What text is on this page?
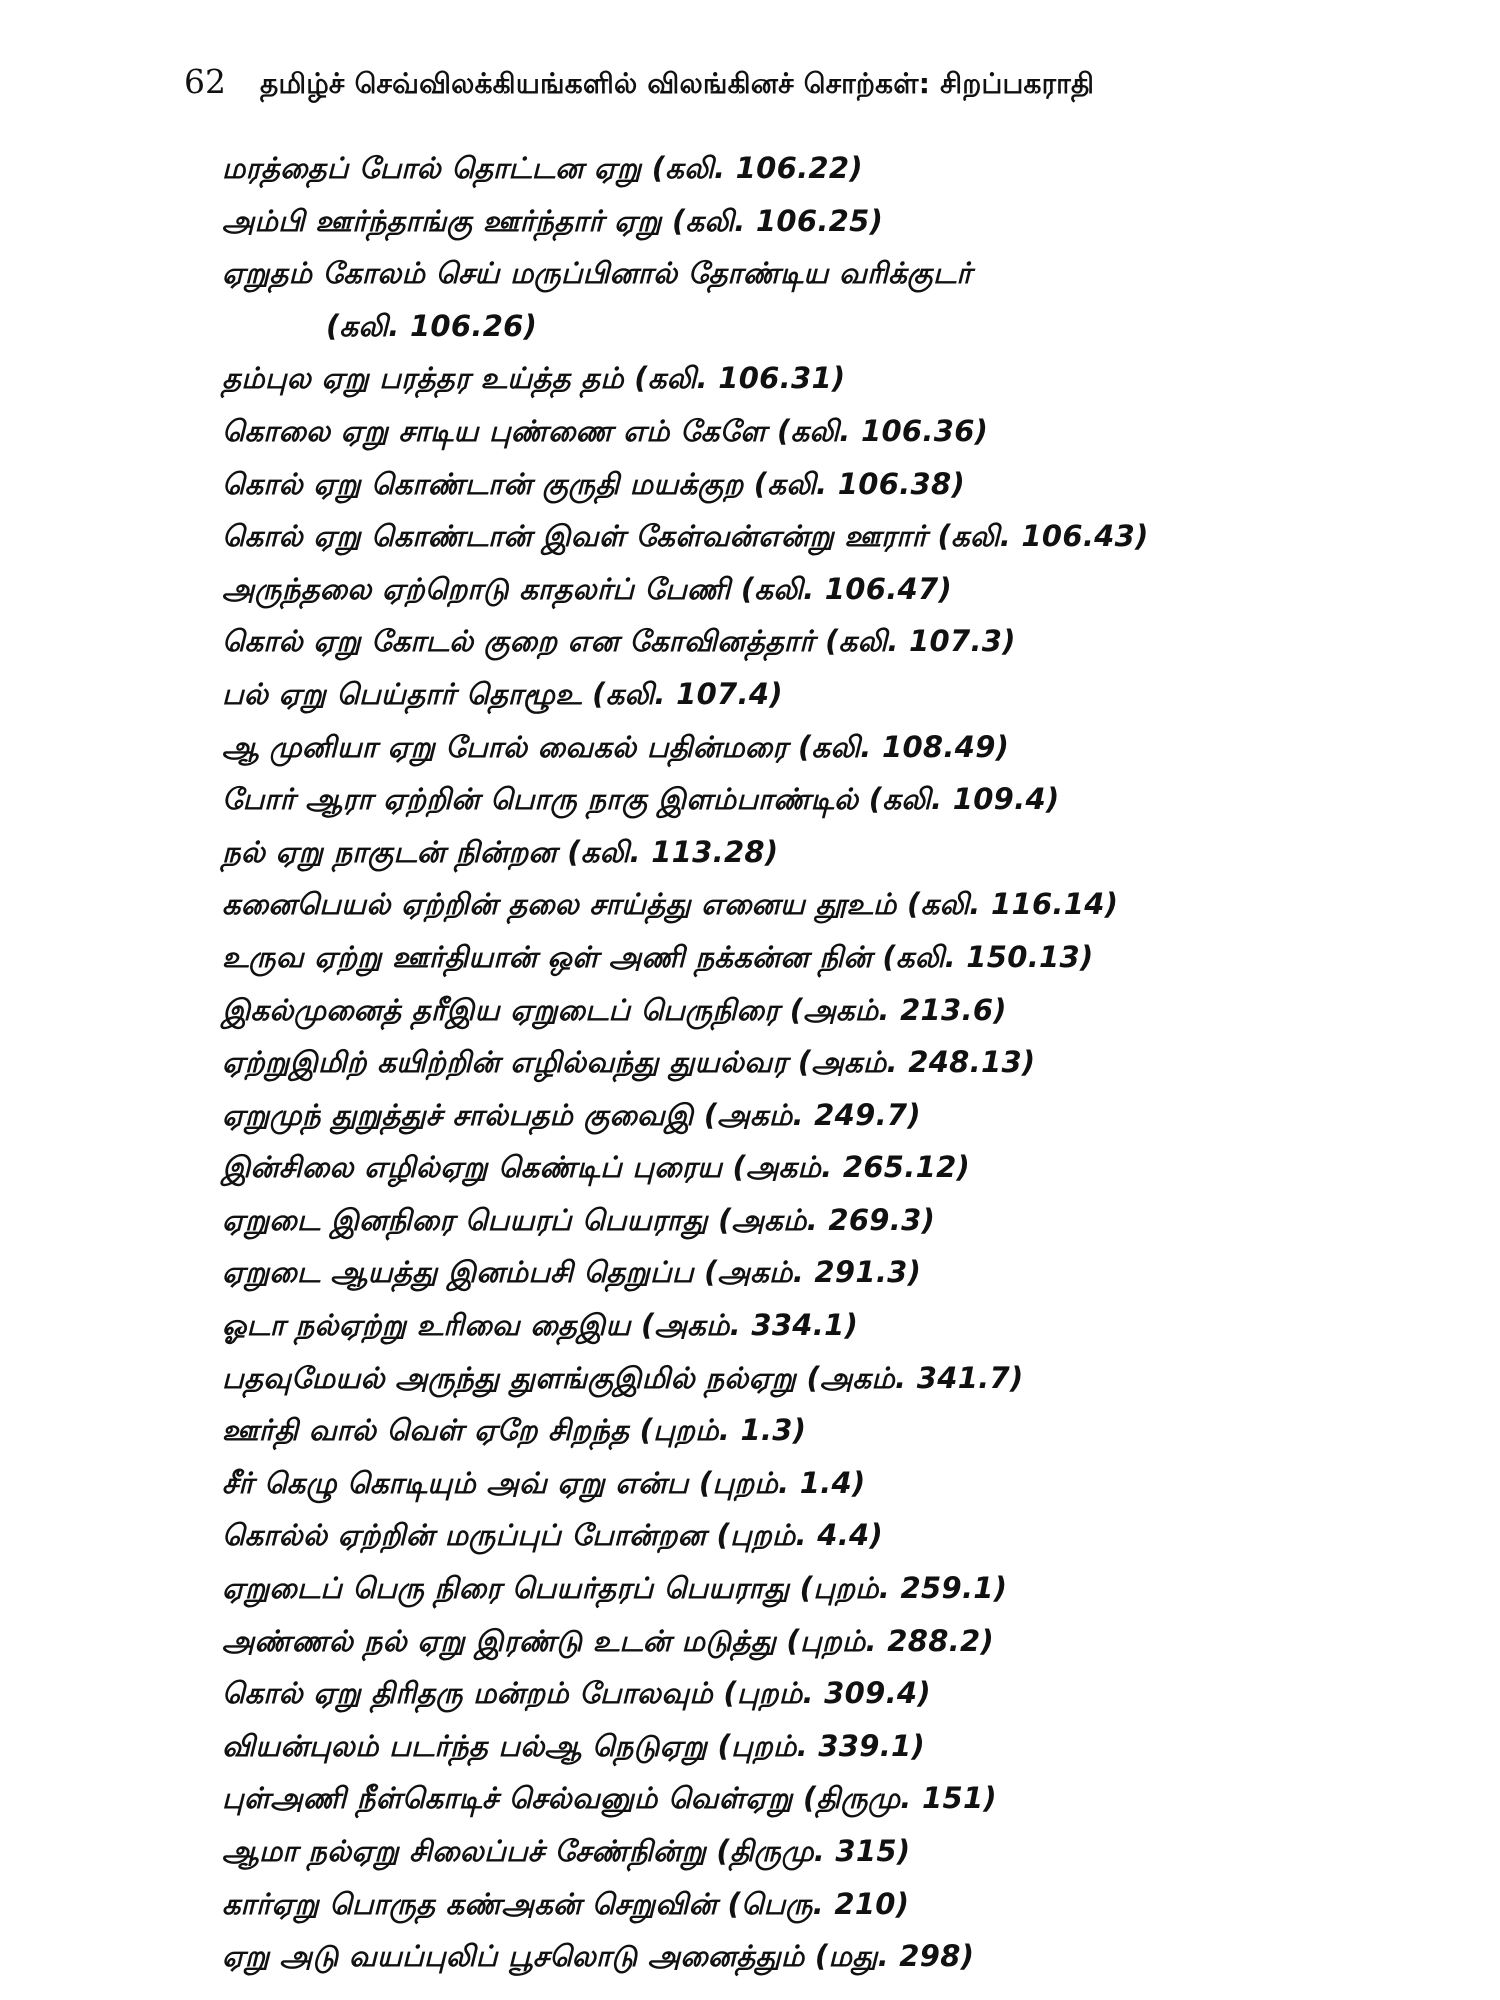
62 தமிழ்ச் செவ்விலக்கியங்களில் விலங்கினச் சொற்கள்: சிறப்பகராதி
மரத்தைப் போல் தொட்டன ஏறு (கலி. 106.22)
அம்பி ஊர்ந்தாங்கு ஊர்ந்தார் ஏறு (கலி. 106.25)
ஏறுதம் கோலம் செய் மருப்பினால் தோண்டிய வரிக்குடர்
(கலி. 106.26)
தம்புல ஏறு பரத்தர உய்த்த தம் (கலி. 106.31)
கொலை ஏறு சாடிய புண்ணை எம் கேளே (கலி. 106.36)
கொல் ஏறு கொண்டான் குருதி மயக்குற (கலி. 106.38)
கொல் ஏறு கொண்டான் இவள் கேள்வன்என்று ஊரார் (கலி. 106.43)
அருந்தலை ஏற்றொடு காதலர்ப் பேணி (கலி. 106.47)
கொல் ஏறு கோடல் குறை என கோவினத்தார் (கலி. 107.3)
பல் ஏறு பெய்தார் தொழூஉ (கலி. 107.4)
ஆ முனியா ஏறு போல் வைகல் பதின்மரை (கலி. 108.49)
போர் ஆரா ஏற்றின் பொரு நாகு இளம்பாண்டில் (கலி. 109.4)
நல் ஏறு நாகுடன் நின்றன (கலி. 113.28)
கனைபெயல் ஏற்றின் தலை சாய்த்து எனைய தூஉம் (கலி. 116.14)
உருவ ஏற்று ஊர்தியான் ஒள் அணி நக்கன்ன நின் (கலி. 150.13)
இகல்முனைத் தரீஇய ஏறுடைப் பெருநிரை (அகம். 213.6)
ஏற்றுஇமிற் கயிற்றின் எழில்வந்து துயல்வர (அகம். 248.13)
ஏறுமுந் துறுத்துச் சால்பதம் குவைஇ (அகம். 249.7)
இன்சிலை எழில்ஏறு கெண்டிப் புரைய (அகம். 265.12)
ஏறுடை இனநிரை பெயரப் பெயராது (அகம். 269.3)
ஏறுடை ஆயத்து இனம்பசி தெறுப்ப (அகம். 291.3)
ஓடா நல்ஏற்று உரிவை தைஇய (அகம். 334.1)
பதவுமேயல் அருந்து துளங்குஇமில் நல்ஏறு (அகம். 341.7)
ஊர்தி வால் வெள் ஏறே சிறந்த (புறம். 1.3)
சீர் கெழு கொடியும் அவ் ஏறு என்ப (புறம். 1.4)
கொல்ல் ஏற்றின் மருப்புப் போன்றன (புறம். 4.4)
ஏறுடைப் பெரு நிரை பெயர்தரப் பெயராது (புறம். 259.1)
அண்ணல் நல் ஏறு இரண்டு உடன் மடுத்து (புறம். 288.2)
கொல் ஏறு திரிதரு மன்றம் போலவும் (புறம். 309.4)
வியன்புலம் படர்ந்த பல்ஆ நெடுஏறு (புறம். 339.1)
புள்அணி நீள்கொடிச் செல்வனும் வெள்ஏறு (திருமு. 151)
ஆமா நல்ஏறு சிலைப்பச் சேண்நின்று (திருமு. 315)
கார்ஏறு பொருத கண்அகன் செறுவின் (பெரு. 210)
ஏறு அடு வயப்புலிப் பூசலொடு அனைத்தும் (மது. 298)
